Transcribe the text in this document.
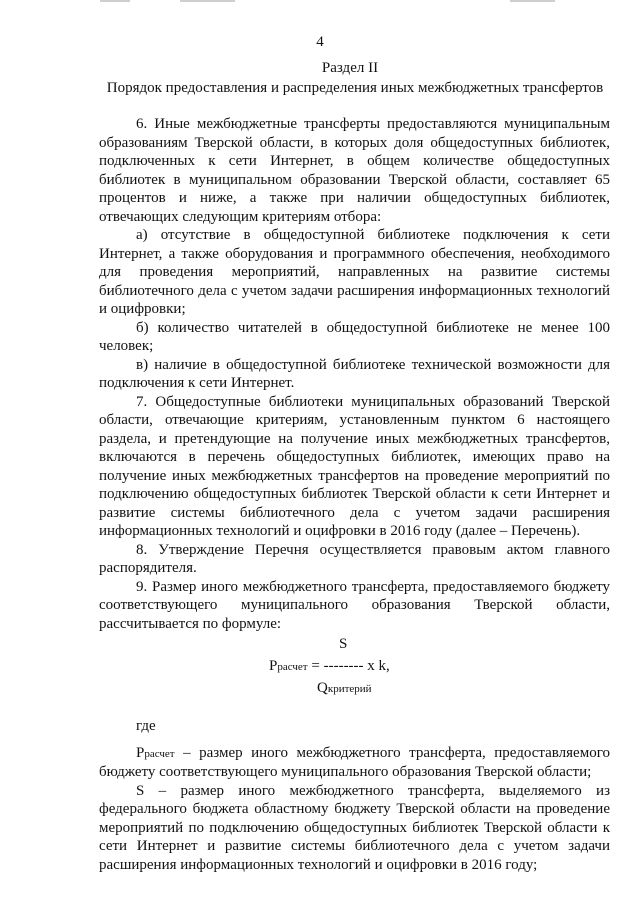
4
Раздел II
Порядок предоставления и распределения иных межбюджетных трансфертов

6. Иные межбюджетные трансферты предоставляются муниципальным образованиям Тверской области, в которых доля общедоступных библиотек, подключенных к сети Интернет, в общем количестве общедоступных библиотек в муниципальном образовании Тверской области, составляет 65 процентов и ниже, а также при наличии общедоступных библиотек, отвечающих следующим критериям отбора:

а) отсутствие в общедоступной библиотеке подключения к сети Интернет, а также оборудования и программного обеспечения, необходимого для проведения мероприятий, направленных на развитие системы библиотечного дела с учетом задачи расширения информационных технологий и оцифровки;

б) количество читателей в общедоступной библиотеке не менее 100 человек;

в) наличие в общедоступной библиотеке технической возможности для подключения к сети Интернет.

7. Общедоступные библиотеки муниципальных образований Тверской области, отвечающие критериям, установленным пунктом 6 настоящего раздела, и претендующие на получение иных межбюджетных трансфертов, включаются в перечень общедоступных библиотек, имеющих право на получение иных межбюджетных трансфертов на проведение мероприятий по подключению общедоступных библиотек Тверской области к сети Интернет и развитие системы библиотечного дела с учетом задачи расширения информационных технологий и оцифровки в 2016 году (далее – Перечень).

8. Утверждение Перечня осуществляется правовым актом главного распорядителя.

9. Размер иного межбюджетного трансферта, предоставляемого бюджету соответствующего муниципального образования Тверской области, рассчитывается по формуле:

S
Pрасчет = -------- x k,
Qкритерий

где

Pрасчет – размер иного межбюджетного трансферта, предоставляемого бюджету соответствующего муниципального образования Тверской области;

S – размер иного межбюджетного трансферта, выделяемого из федерального бюджета областному бюджету Тверской области на проведение мероприятий по подключению общедоступных библиотек Тверской области к сети Интернет и развитие системы библиотечного дела с учетом задачи расширения информационных технологий и оцифровки в 2016 году;
